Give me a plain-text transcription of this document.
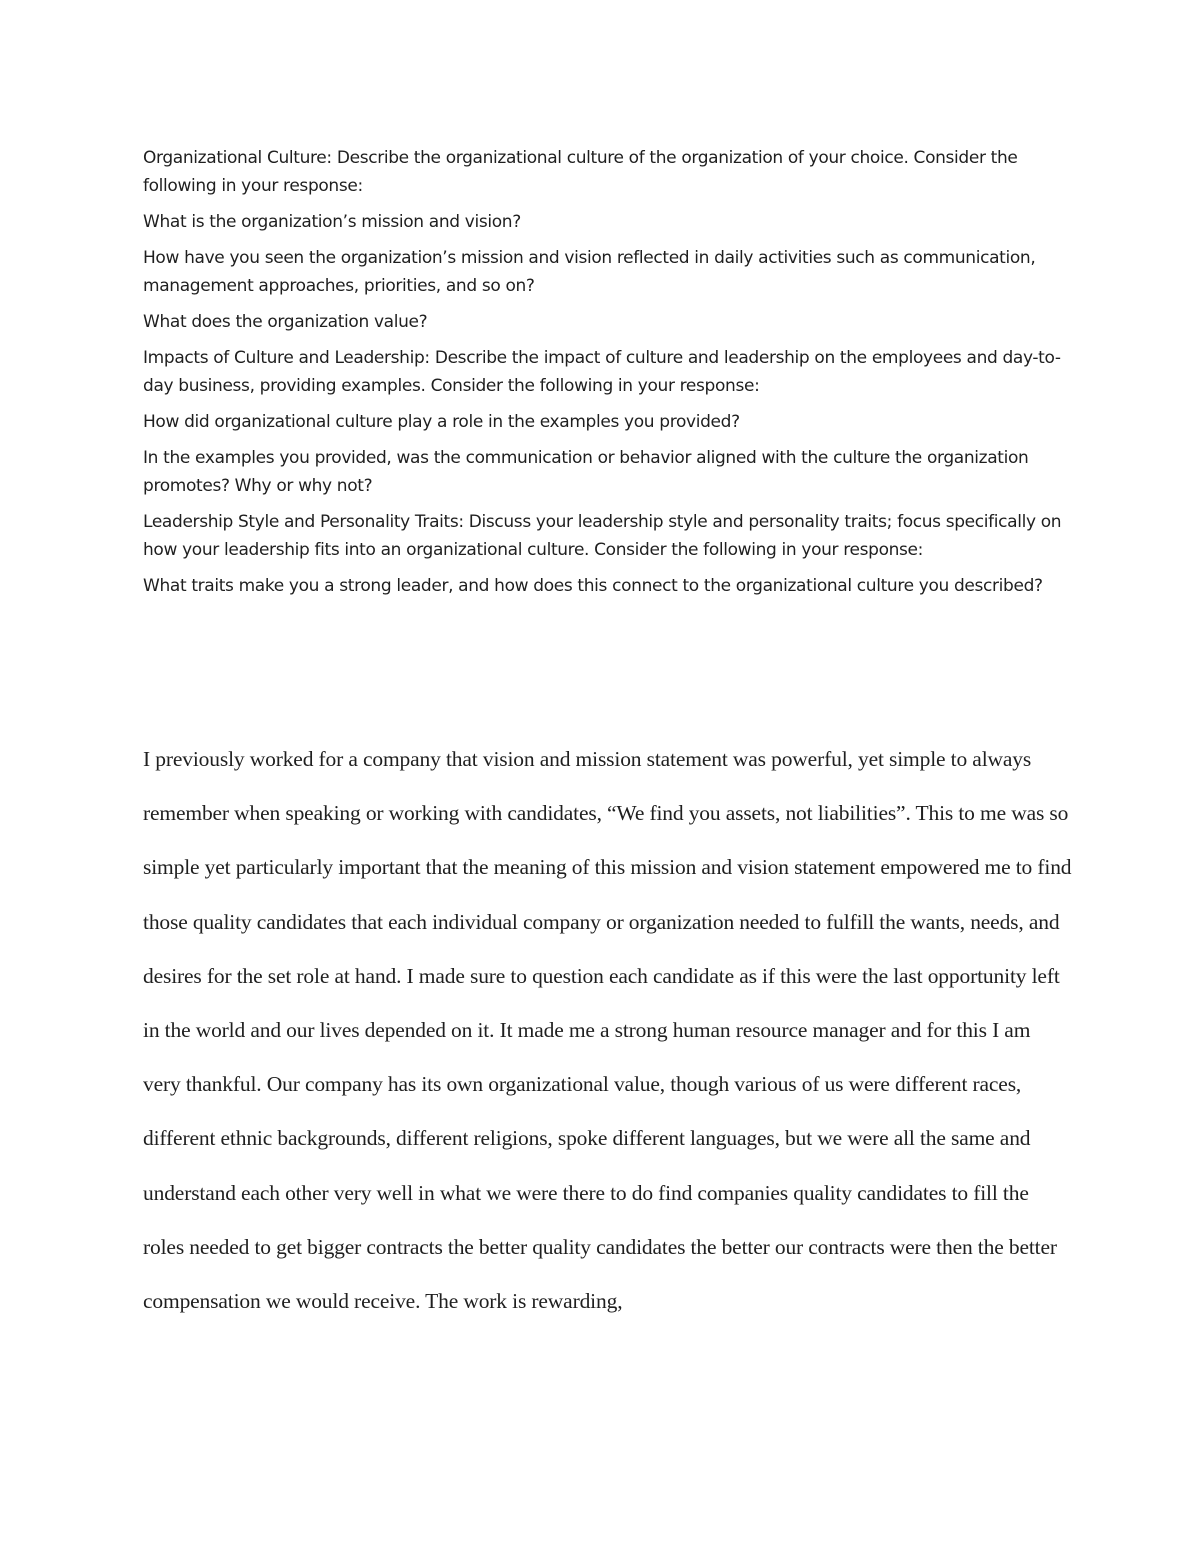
Organizational Culture: Describe the organizational culture of the organization of your choice. Consider the following in your response:

What is the organization’s mission and vision?

How have you seen the organization’s mission and vision reflected in daily activities such as communication, management approaches, priorities, and so on?

What does the organization value?

Impacts of Culture and Leadership: Describe the impact of culture and leadership on the employees and day-to-day business, providing examples. Consider the following in your response:

How did organizational culture play a role in the examples you provided?

In the examples you provided, was the communication or behavior aligned with the culture the organization promotes? Why or why not?

Leadership Style and Personality Traits: Discuss your leadership style and personality traits; focus specifically on how your leadership fits into an organizational culture. Consider the following in your response:

What traits make you a strong leader, and how does this connect to the organizational culture you described?

I previously worked for a company that vision and mission statement was powerful, yet simple to always remember when speaking or working with candidates, “We find you assets, not liabilities”. This to me was so simple yet particularly important that the meaning of this mission and vision statement empowered me to find those quality candidates that each individual company or organization needed to fulfill the wants, needs, and desires for the set role at hand. I made sure to question each candidate as if this were the last opportunity left in the world and our lives depended on it. It made me a strong human resource manager and for this I am very thankful. Our company has its own organizational value, though various of us were different races, different ethnic backgrounds, different religions, spoke different languages, but we were all the same and understand each other very well in what we were there to do find companies quality candidates to fill the roles needed to get bigger contracts the better quality candidates the better our contracts were then the better compensation we would receive. The work is rewarding,
